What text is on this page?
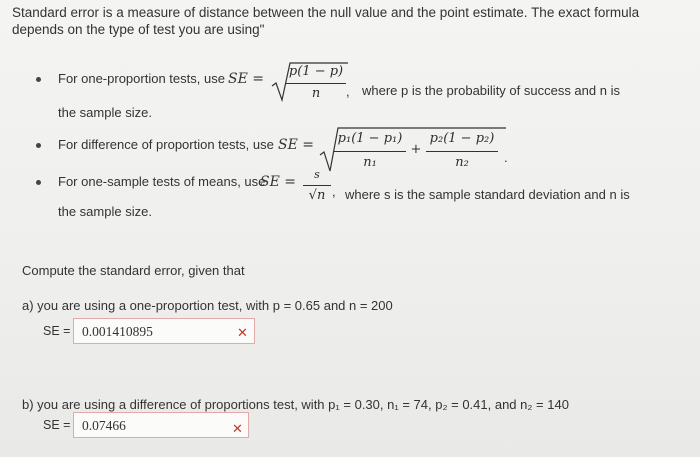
Standard error is a measure of distance between the null value and the point estimate. The exact formula depends on the type of test you are using"
For one-proportion tests, use SE =	p(1 − p)
n	, where p is the probability of success and n is
the sample size.
For difference of proportion tests, use SE =	p₁(1 − p₁)
n₁
+
p₂(1 − p₂)
n₂	.
For one-sample tests of means, use
SE =	s
√n , where s is the sample standard deviation and n is
the sample size.
Compute the standard error, given that
a) you are using a one-proportion test, with p = 0.65 and n = 200
SE = 0.001410895	✕
b) you are using a difference of proportions test, with p₁ = 0.30, n₁ = 74, p₂ = 0.41, and n₂ = 140
SE = 0.07466	✕
